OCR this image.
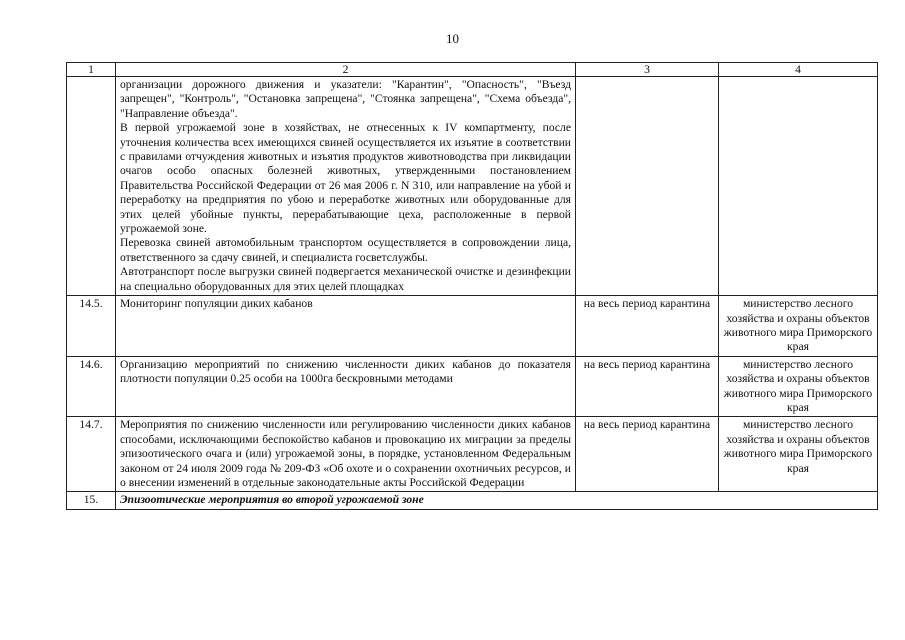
10
1	2	3	4

	организации дорожного движения и указатели: "Карантин", "Опасность", "Въезд запрещен", "Контроль", "Остановка запрещена", "Стоянка запрещена", "Схема объезда", "Направление объезда".

В первой угрожаемой зоне в хозяйствах, не отнесенных к IV компартменту, после уточнения количества всех имеющихся свиней осуществляется их изъятие в соответствии с правилами отчуждения животных и изъятия продуктов животноводства при ликвидации очагов особо опасных болезней животных, утвержденными постановлением Правительства Российской Федерации от 26 мая 2006 г. N 310, или направление на убой и переработку на предприятия по убою и переработке животных или оборудованные для этих целей убойные пункты, перерабатывающие цеха, расположенные в первой угрожаемой зоне.

Перевозка свиней автомобильным транспортом осуществляется в сопровождении лица, ответственного за сдачу свиней, и специалиста госветслужбы.

Автотранспорт после выгрузки свиней подвергается механической очистке и дезинфекции на специально оборудованных для этих целей площадках		

14.5.	Мониторинг популяции диких кабанов	на весь период карантина	министерство лесного хозяйства и охраны объектов животного мира Приморского края
14.6.	Организацию мероприятий по снижению численности диких кабанов до показателя плотности популяции 0.25 особи на 1000га бескровными методами	на весь период карантина	министерство лесного хозяйства и охраны объектов животного мира Приморского края
14.7.	Мероприятия по снижению численности или регулированию численности диких кабанов способами, исключающими беспокойство кабанов и провокацию их миграции за пределы эпизоотического очага и (или) угрожаемой зоны, в порядке, установленном Федеральным законом от 24 июля 2009 года № 209-ФЗ «Об охоте и о сохранении охотничьих ресурсов, и о внесении изменений в отдельные законодательные акты Российской Федерации	на весь период карантина	министерство лесного хозяйства и охраны объектов животного мира Приморского края
15.	Эпизоотические мероприятия во второй угрожаемой зоне		
